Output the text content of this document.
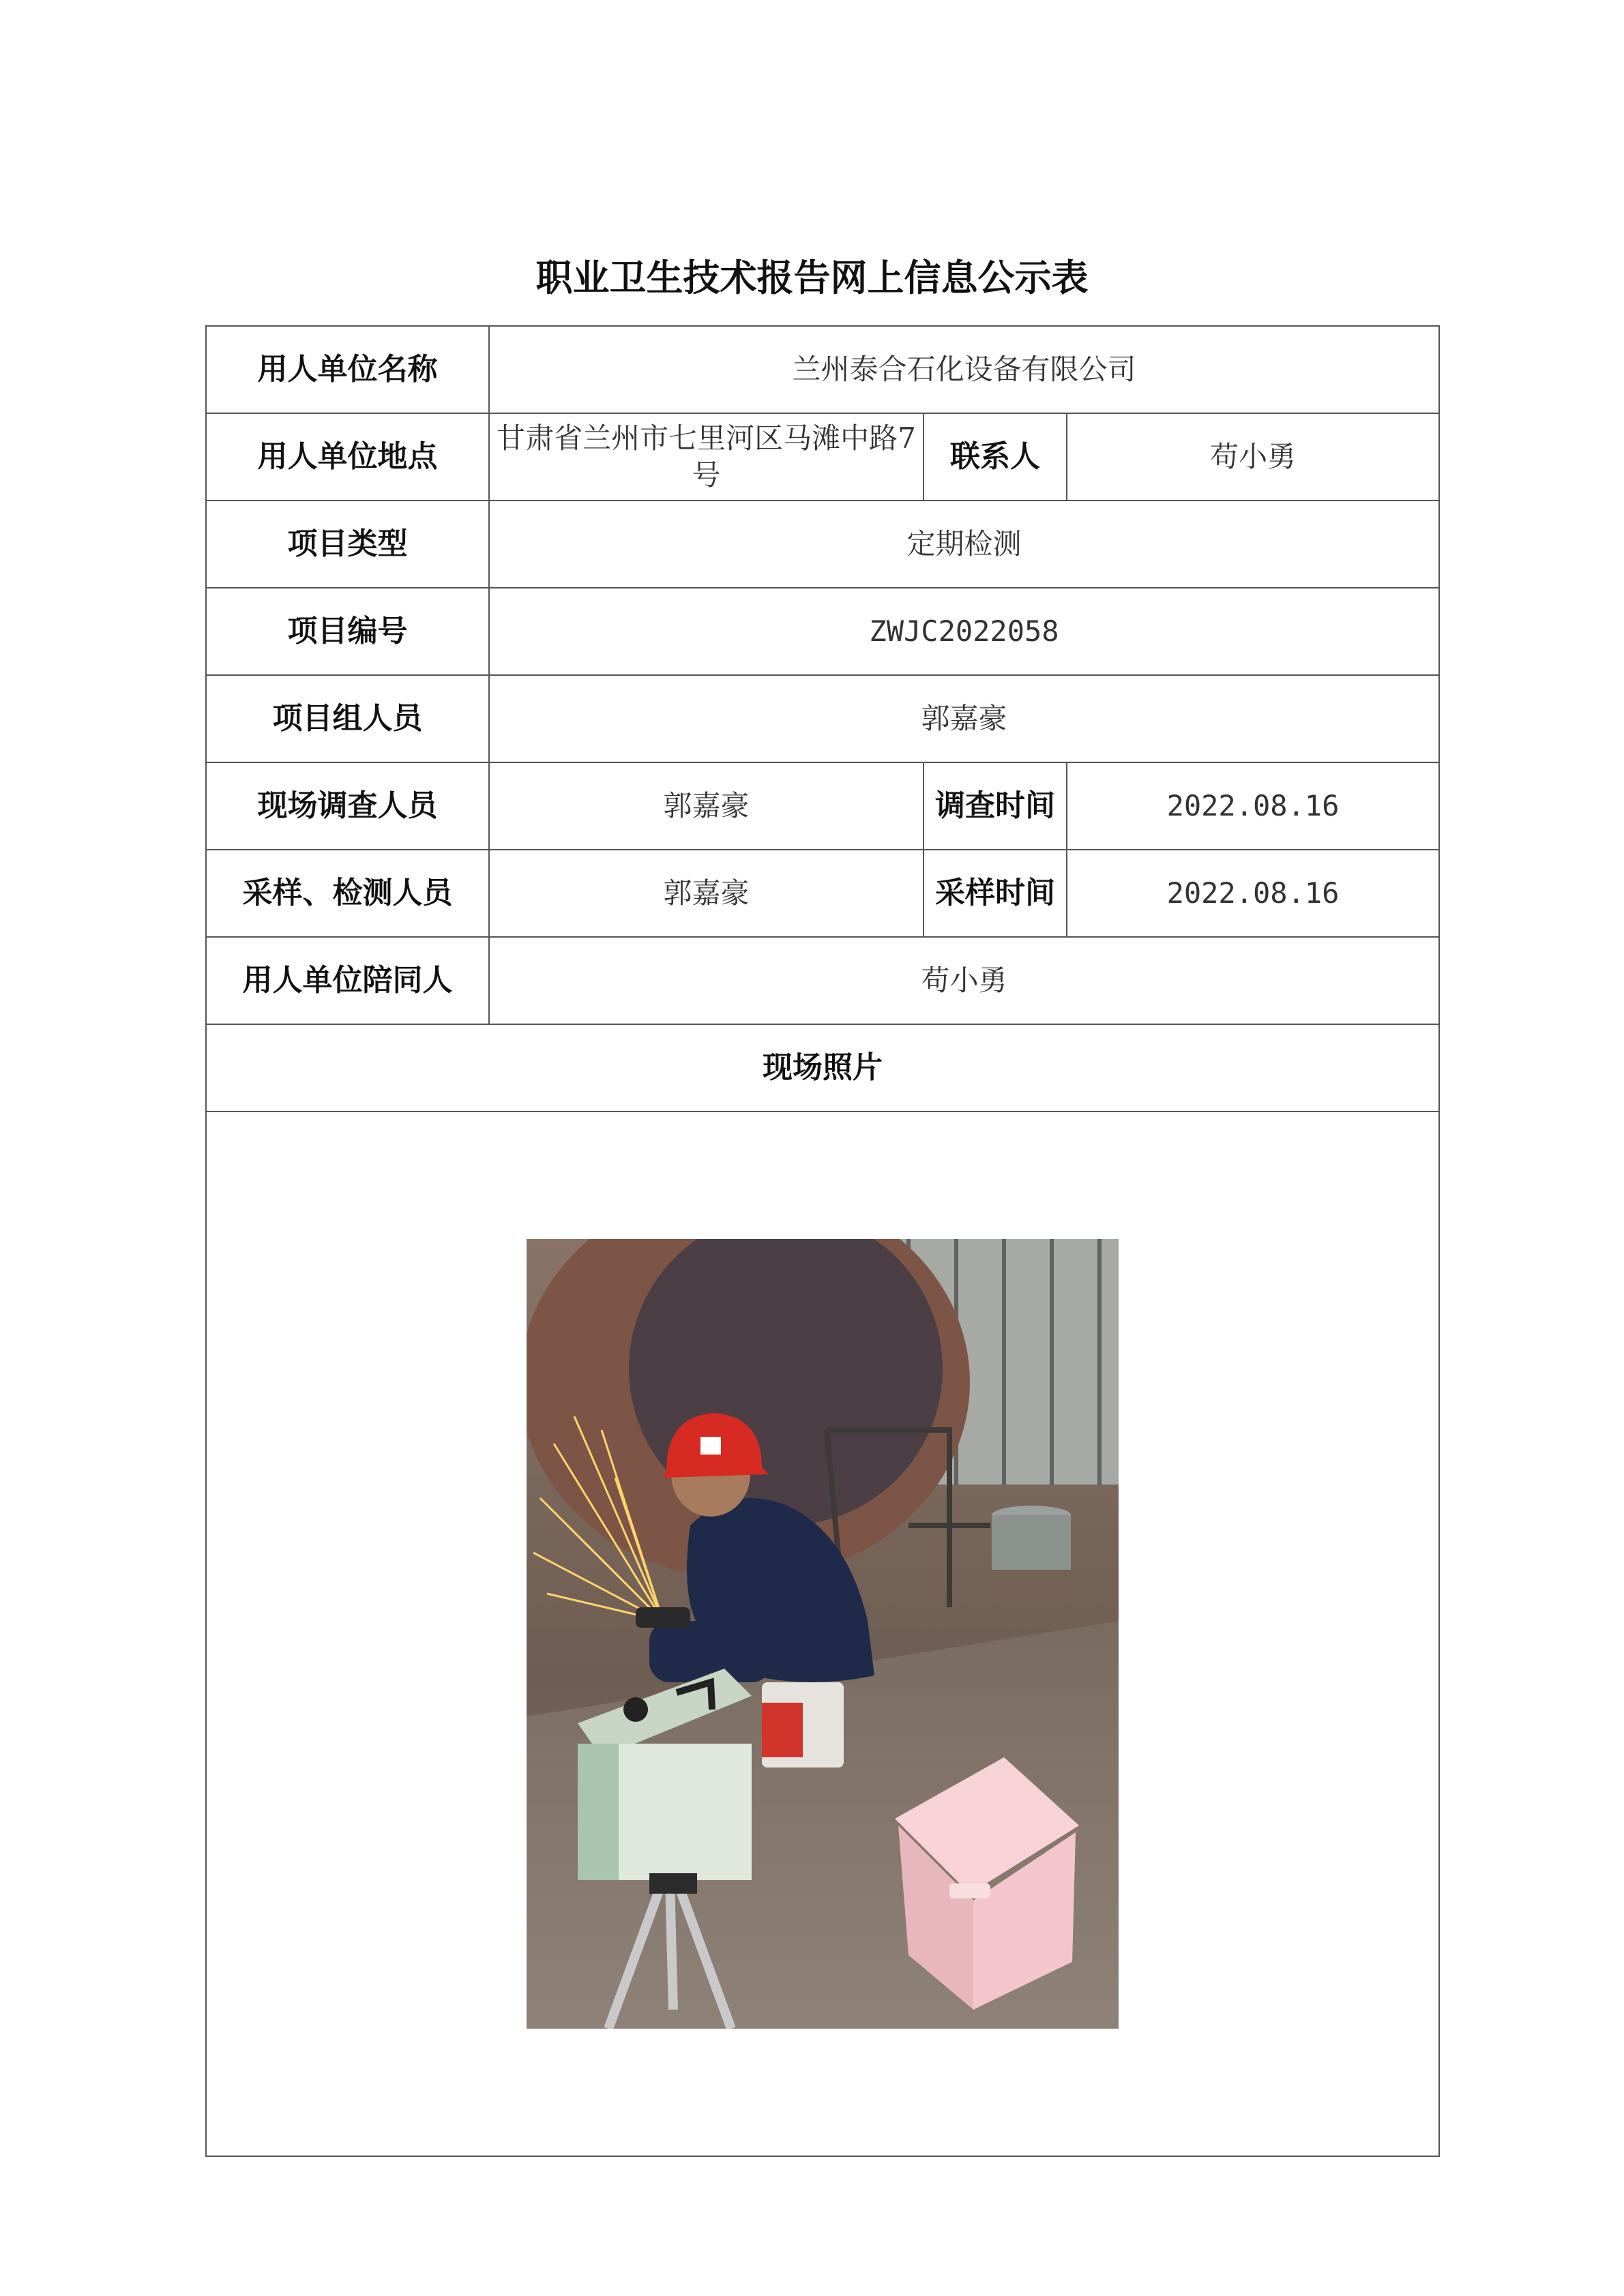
职业卫生技术报告网上信息公示表
用人单位名称	兰州泰合石化设备有限公司		
用人单位地点	甘肃省兰州市七里河区马滩中路7号	联系人	苟小勇
项目类型	定期检测		
项目编号	ZWJC2022058		
项目组人员	郭嘉豪		
现场调查人员	郭嘉豪	调查时间	2022.08.16
采样、检测人员	郭嘉豪	采样时间	2022.08.16
用人单位陪同人	苟小勇		
现场照片			
